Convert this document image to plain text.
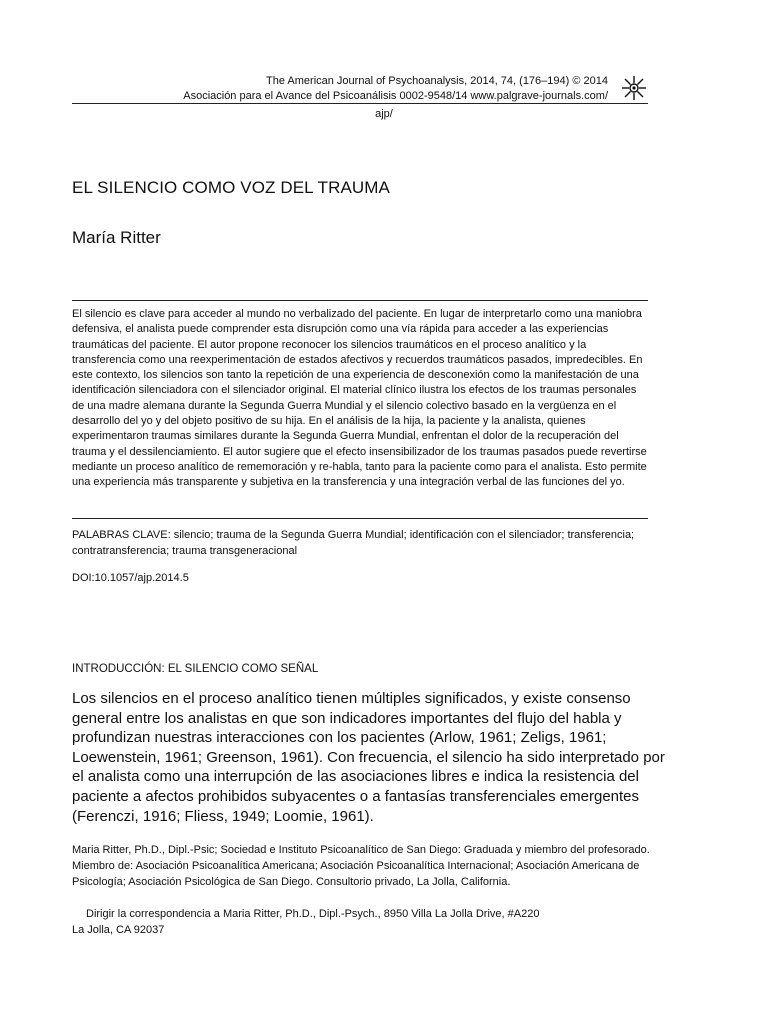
The American Journal of Psychoanalysis, 2014, 74, (176–194) © 2014
Asociación para el Avance del Psicoanálisis 0002-9548/14 www.palgrave-journals.com/
ajp/
EL SILENCIO COMO VOZ DEL TRAUMA
María Ritter

El silencio es clave para acceder al mundo no verbalizado del paciente. En lugar de interpretarlo como una maniobra defensiva, el analista puede comprender esta disrupción como una vía rápida para acceder a las experiencias traumáticas del paciente. El autor propone reconocer los silencios traumáticos en el proceso analítico y la transferencia como una reexperimentación de estados afectivos y recuerdos traumáticos pasados, impredecibles. En este contexto, los silencios son tanto la repetición de una experiencia de desconexión como la manifestación de una identificación silenciadora con el silenciador original. El material clínico ilustra los efectos de los traumas personales de una madre alemana durante la Segunda Guerra Mundial y el silencio colectivo basado en la vergüenza en el desarrollo del yo y del objeto positivo de su hija. En el análisis de la hija, la paciente y la analista, quienes experimentaron traumas similares durante la Segunda Guerra Mundial, enfrentan el dolor de la recuperación del trauma y el dessilenciamiento. El autor sugiere que el efecto insensibilizador de los traumas pasados puede revertirse mediante un proceso analítico de rememoración y re-habla, tanto para la paciente como para el analista. Esto permite una experiencia más transparente y subjetiva en la transferencia y una integración verbal de las funciones del yo.

PALABRAS CLAVE: silencio; trauma de la Segunda Guerra Mundial; identificación con el silenciador; transferencia; contratransferencia; trauma transgeneracional

DOI:10.1057/ajp.2014.5
INTRODUCCIÓN: EL SILENCIO COMO SEÑAL

Los silencios en el proceso analítico tienen múltiples significados, y existe consenso general entre los analistas en que son indicadores importantes del flujo del habla y profundizan nuestras interacciones con los pacientes (Arlow, 1961; Zeligs, 1961; Loewenstein, 1961; Greenson, 1961). Con frecuencia, el silencio ha sido interpretado por el analista como una interrupción de las asociaciones libres e indica la resistencia del paciente a afectos prohibidos subyacentes o a fantasías transferenciales emergentes (Ferenczi, 1916; Fliess, 1949; Loomie, 1961).

Maria Ritter, Ph.D., Dipl.-Psic; Sociedad e Instituto Psicoanalítico de San Diego: Graduada y miembro del profesorado. Miembro de: Asociación Psicoanalítica Americana; Asociación Psicoanalítica Internacional; Asociación Americana de Psicología; Asociación Psicológica de San Diego. Consultorio privado, La Jolla, California.

Dirigir la correspondencia a Maria Ritter, Ph.D., Dipl.-Psych., 8950 Villa La Jolla Drive, #A220
La Jolla, CA 92037
